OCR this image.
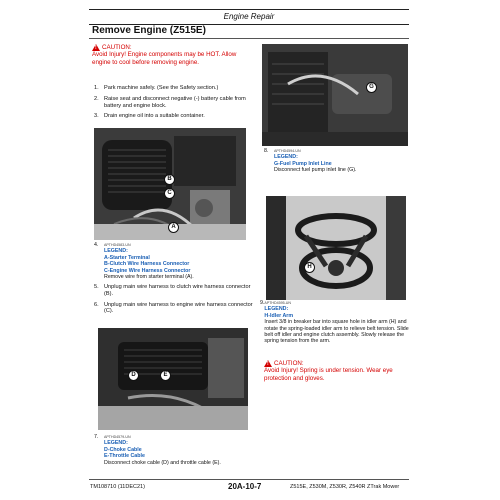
Engine Repair
Remove Engine (Z515E)
!
CAUTION:
Avoid Injury! Engine components may be HOT. Allow engine to cool before removing engine.
1. Park machine safely. (See the Safety section.)
2. Raise seat and disconnect negative (-) battery cable from battery and engine block.
3. Drain engine oil into a suitable container.
B
C
A
4.	APTHD4583-UN
LEGEND:
A-Starter Terminal
B-Clutch Wire Harness Connector
C-Engine Wire Harness Connector
Remove wire from starter terminal (A).
5. Unplug main wire harness to clutch wire harness connector (B).
6. Unplug main wire harness to engine wire harness connector (C).
D	E
7.	APTHD4579-UN
LEGEND:
D-Choke Cable
E-Throttle Cable
Disconnect choke cable (D) and throttle cable (E).
G
8.	APTHD4594-UN
LEGEND:
G-Fuel Pump Inlet Line
Disconnect fuel pump inlet line (G).
H
9. APTHD4595-UN
LEGEND:
H-Idler Arm
Insert 3/8 in breaker bar into square hole in idler arm (H) and rotate the spring-loaded idler arm to relieve belt tension. Slide belt off idler and engine clutch assembly. Slowly release the spring tension from the arm.
!
CAUTION:
Avoid Injury! Spring is under tension. Wear eye protection and gloves.
TM108710 (11DEC21)	20A-10-7	Z515E, Z530M, Z530R, Z540R ZTrak Mower
